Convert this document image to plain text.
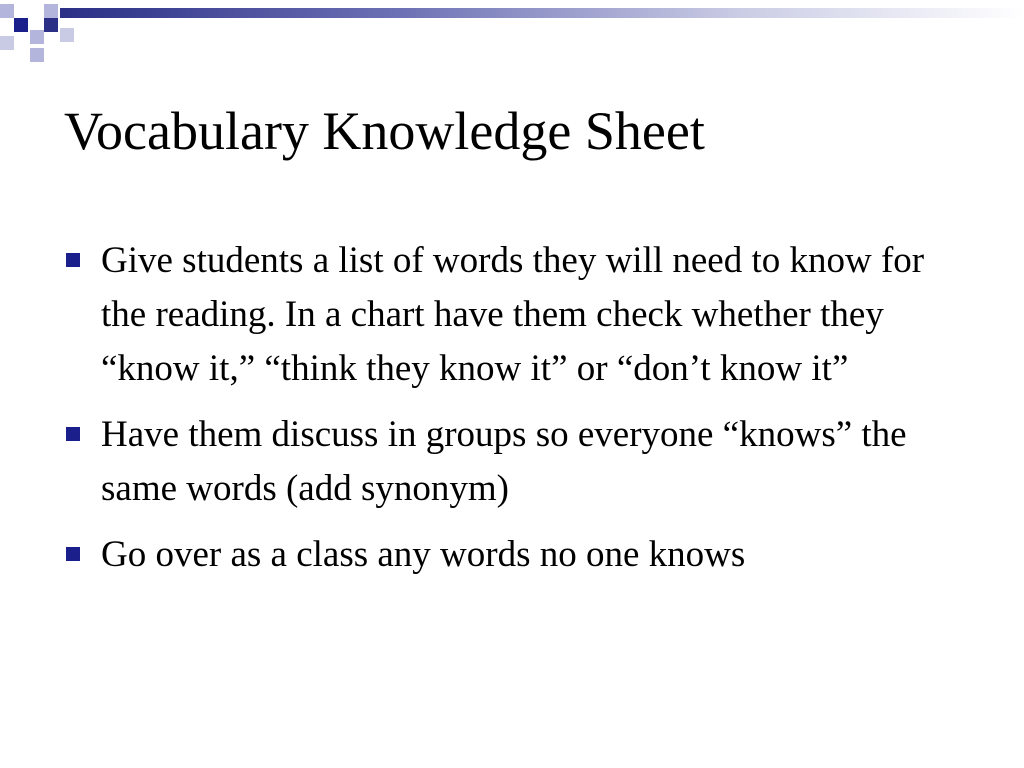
Vocabulary Knowledge Sheet
Give students a list of words they will need to know for the reading. In a chart have them check whether they “know it,” “think they know it” or “don’t know it”
Have them discuss in groups so everyone “knows” the same words (add synonym)
Go over as a class any words no one knows
